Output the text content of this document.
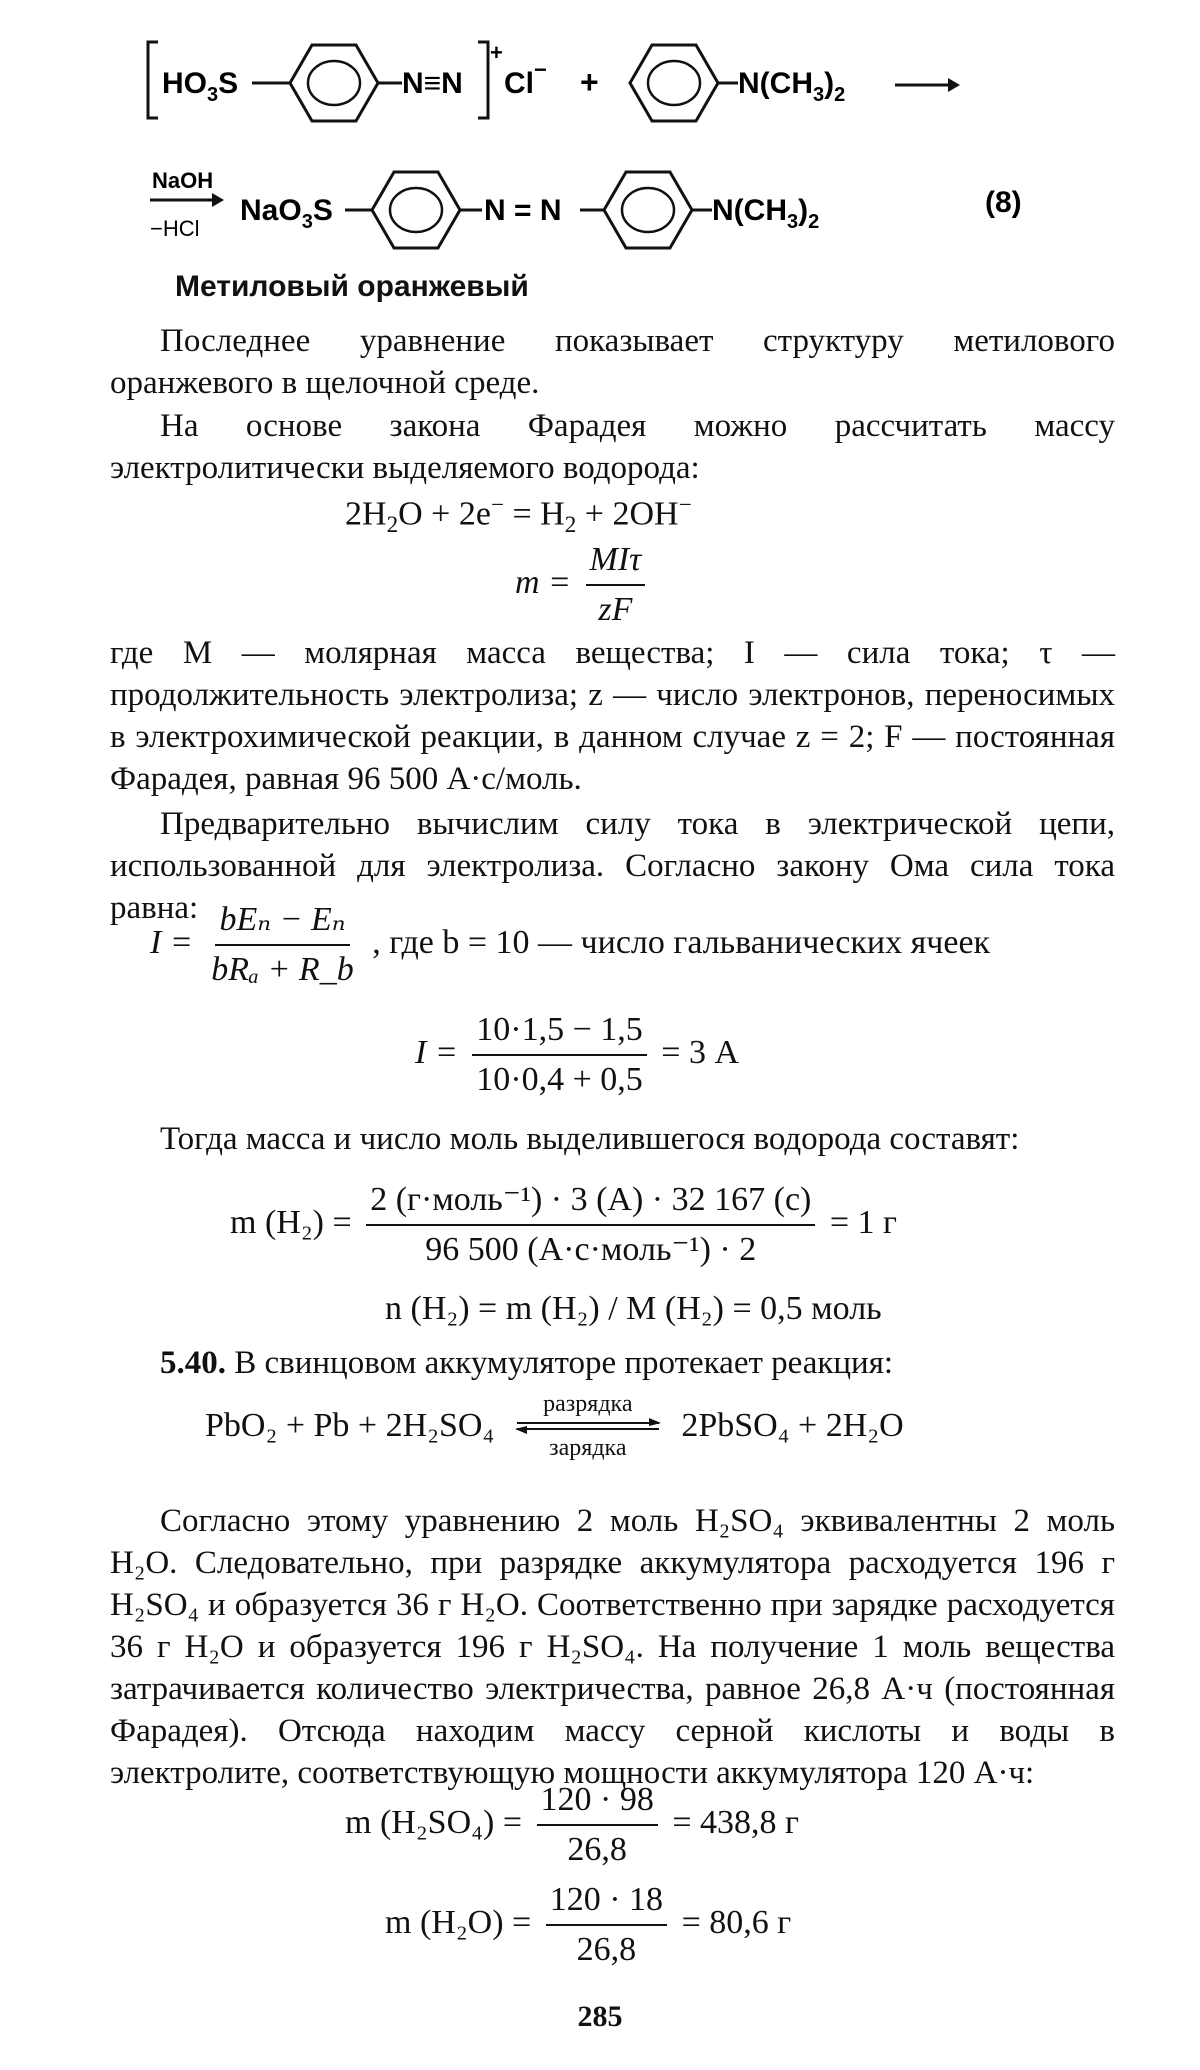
$HO_3S$	N≡N
+
Cl− +	$N(CH_3)_2$
NaOH
−HCl
NaO$_3$S	N = N	$N(CH_3)_2$
(8)
Метиловый оранжевый

Последнее уравнение показывает структуру метилового оранжевого в щелочной среде.

На основе закона Фарадея можно рассчитать массу электролитически выделяемого водорода:

$2H_2O + 2e^- = H_2 + 2OH^-$
$m = \frac{\text{MIτ}}{zF}$

где M — молярная масса вещества; I — сила тока; τ — продолжительность электролиза; z — число электронов, переносимых в электрохимической реакции, в данном случае z = 2; F — постоянная Фарадея, равная 96 500 А·с/моль.

Предварительно вычислим силу тока в электрической цепи, использованной для электролиза. Согласно закону Ома сила тока равна:

$I = \frac{\text{bEₙ − Eₙ}}{\text{bRₐ + R\_b}}$ , где b = 10 — число гальванических ячеек
$I = \frac{10\cdot 1,5 - 1,5}{10\cdot 0,4 + 0,5} = 3$ А

Тогда масса и число моль выделившегося водорода составят:

m $(H_2) = \frac{\text{2 (г·моль⁻¹) · 3 (А) · 32 167 (с)}}{\text{96 500 (А·с·моль⁻¹) · 2}} = 1$ г
n (H₂) = m (H₂) / M (H₂) = 0,5 моль
5.40. В свинцовом аккумуляторе протекает реакция:
PbO₂ + Pb + 2H₂SO₄
разрядка
зарядка
2PbSO₄ + 2H₂O

Согласно этому уравнению 2 моль H₂SO₄ эквивалентны 2 моль H₂O. Следовательно, при разрядке аккумулятора расходуется 196 г H₂SO₄ и образуется 36 г H₂O. Соответственно при зарядке расходуется 36 г H₂O и образуется 196 г H₂SO₄. На получение 1 моль вещества затрачивается количество электричества, равное 26,8 А·ч (постоянная Фарадея). Отсюда находим массу серной кислоты и воды в электролите, соответствующую мощности аккумулятора 120 А·ч:

m $(H_2SO_4) = \frac{120 \cdot 98}{26,8} = 438,8$ г
m $(H_2O) = \frac{120 \cdot 18}{26,8} = 80,6$ г
285
